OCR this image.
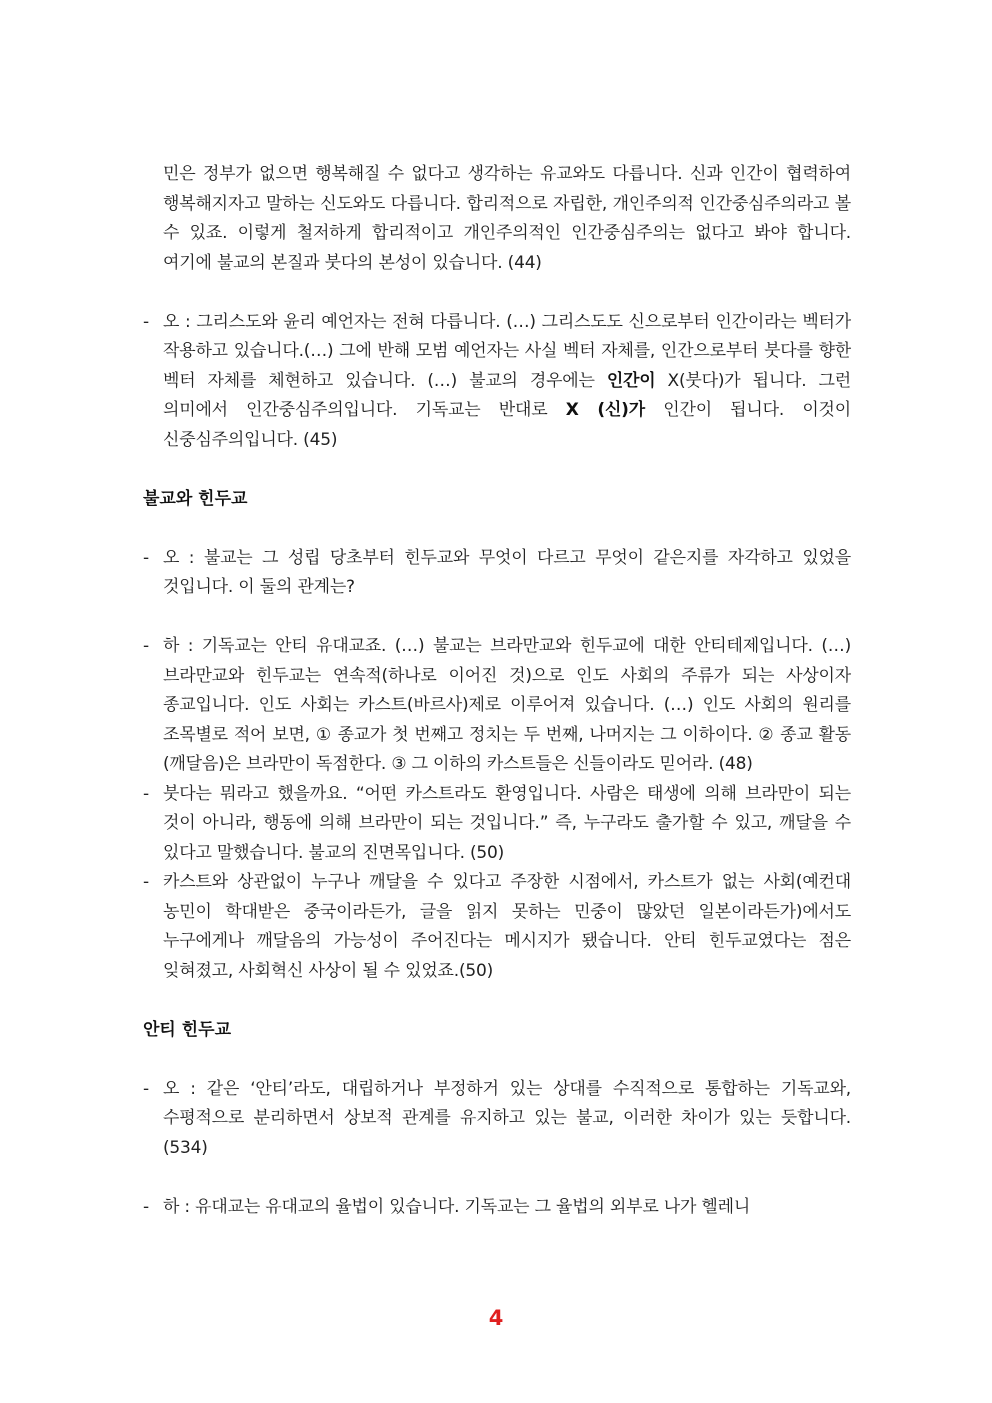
민은 정부가 없으면 행복해질 수 없다고 생각하는 유교와도 다릅니다. 신과 인간이 협력하여 행복해지자고 말하는 신도와도 다릅니다. 합리적으로 자립한, 개인주의적 인간중심주의라고 볼 수 있죠. 이렇게 철저하게 합리적이고 개인주의적인 인간중심주의는 없다고 봐야 합니다. 여기에 불교의 본질과 붓다의 본성이 있습니다. (44)

- 오 : 그리스도와 윤리 예언자는 전혀 다릅니다. (…) 그리스도도 신으로부터 인간이라는 벡터가 작용하고 있습니다.(…) 그에 반해 모범 예언자는 사실 벡터 자체를, 인간으로부터 붓다를 향한 벡터 자체를 체현하고 있습니다. (…) 불교의 경우에는 인간이 X(붓다)가 됩니다. 그런 의미에서 인간중심주의입니다. 기독교는 반대로 X (신)가 인간이 됩니다. 이것이 신중심주의입니다. (45)

불교와 힌두교

- 오 : 불교는 그 성립 당초부터 힌두교와 무엇이 다르고 무엇이 같은지를 자각하고 있었을 것입니다. 이 둘의 관계는?
- 하 : 기독교는 안티 유대교죠. (…) 불교는 브라만교와 힌두교에 대한 안티테제입니다. (…) 브라만교와 힌두교는 연속적(하나로 이어진 것)으로 인도 사회의 주류가 되는 사상이자 종교입니다. 인도 사회는 카스트(바르사)제로 이루어져 있습니다. (…) 인도 사회의 원리를 조목별로 적어 보면, ① 종교가 첫 번째고 정치는 두 번째, 나머지는 그 이하이다. ② 종교 활동(깨달음)은 브라만이 독점한다. ③ 그 이하의 카스트들은 신들이라도 믿어라. (48)
- 붓다는 뭐라고 했을까요. “어떤 카스트라도 환영입니다. 사람은 태생에 의해 브라만이 되는 것이 아니라, 행동에 의해 브라만이 되는 것입니다.” 즉, 누구라도 출가할 수 있고, 깨달을 수 있다고 말했습니다. 불교의 진면목입니다. (50)
- 카스트와 상관없이 누구나 깨달을 수 있다고 주장한 시점에서, 카스트가 없는 사회(예컨대 농민이 학대받은 중국이라든가, 글을 읽지 못하는 민중이 많았던 일본이라든가)에서도 누구에게나 깨달음의 가능성이 주어진다는 메시지가 됐습니다. 안티 힌두교였다는 점은 잊혀졌고, 사회혁신 사상이 될 수 있었죠.(50)

안티 힌두교

- 오 : 같은 ‘안티’라도, 대립하거나 부정하거 있는 상대를 수직적으로 통합하는 기독교와, 수평적으로 분리하면서 상보적 관계를 유지하고 있는 불교, 이러한 차이가 있는 듯합니다.(534)
- 하 : 유대교는 유대교의 율법이 있습니다. 기독교는 그 율법의 외부로 나가 헬레니
4
